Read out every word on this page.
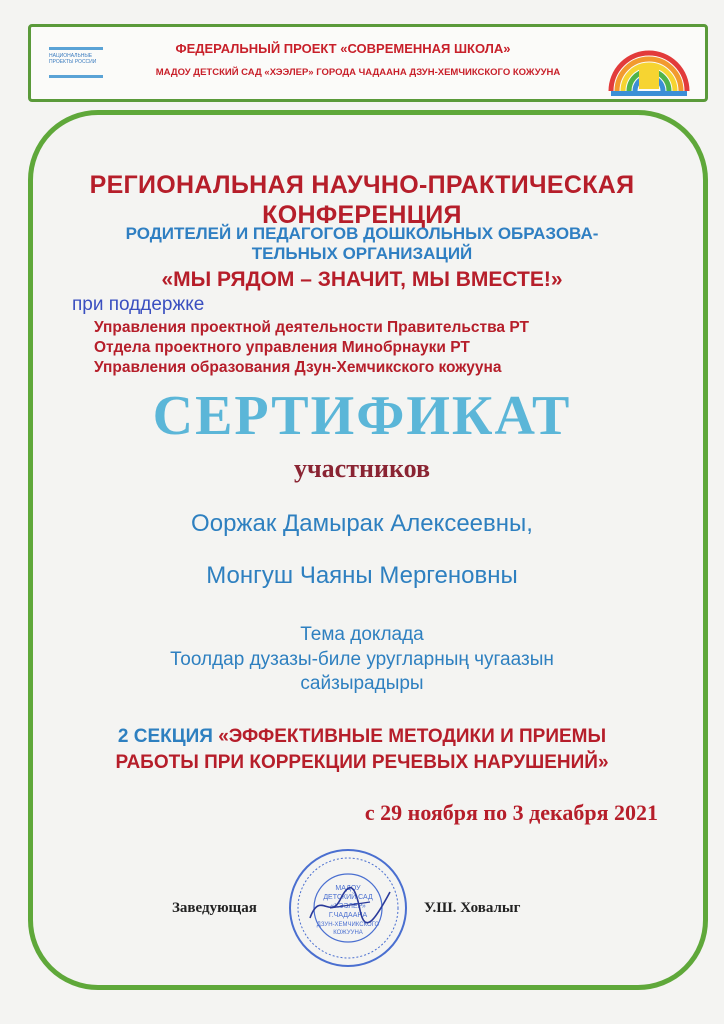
НАЦИОНАЛЬНЫЕ ПРОЕКТЫ РОССИИ
ФЕДЕРАЛЬНЫЙ ПРОЕКТ «СОВРЕМЕННАЯ ШКОЛА»
МАДОУ ДЕТСКИЙ САД «ХЭЭЛЕР» ГОРОДА ЧАДААНА ДЗУН-ХЕМЧИКСКОГО КОЖУУНА
РЕГИОНАЛЬНАЯ НАУЧНО-ПРАКТИЧЕСКАЯ
КОНФЕРЕНЦИЯ
РОДИТЕЛЕЙ И ПЕДАГОГОВ ДОШКОЛЬНЫХ ОБРАЗОВА-
ТЕЛЬНЫХ ОРГАНИЗАЦИЙ
«МЫ РЯДОМ – ЗНАЧИТ, МЫ ВМЕСТЕ!»
при поддержке
Управления проектной деятельности Правительства РТ
Отдела проектного управления Минобрнауки РТ
Управления образования Дзун-Хемчикского кожууна
СЕРТИФИКАТ
участников
Ооржак Дамырак Алексеевны,
Монгуш Чаяны Мергеновны
Тема доклада
Тоолдар дузазы-биле уругларның чугаазын
сайзырадыры
2 СЕКЦИЯ «ЭФФЕКТИВНЫЕ МЕТОДИКИ И ПРИЕМЫ
РАБОТЫ ПРИ КОРРЕКЦИИ РЕЧЕВЫХ НАРУШЕНИЙ»
с 29 ноября по 3 декабря 2021
МАДОУ
ДЕТСКИЙ САД
«ХЭЭЛЕР»
Г.ЧАДААНА
ДЗУН-ХЕМЧИКСКОГО
КОЖУУНА
Заведующая	У.Ш. Ховалыг
